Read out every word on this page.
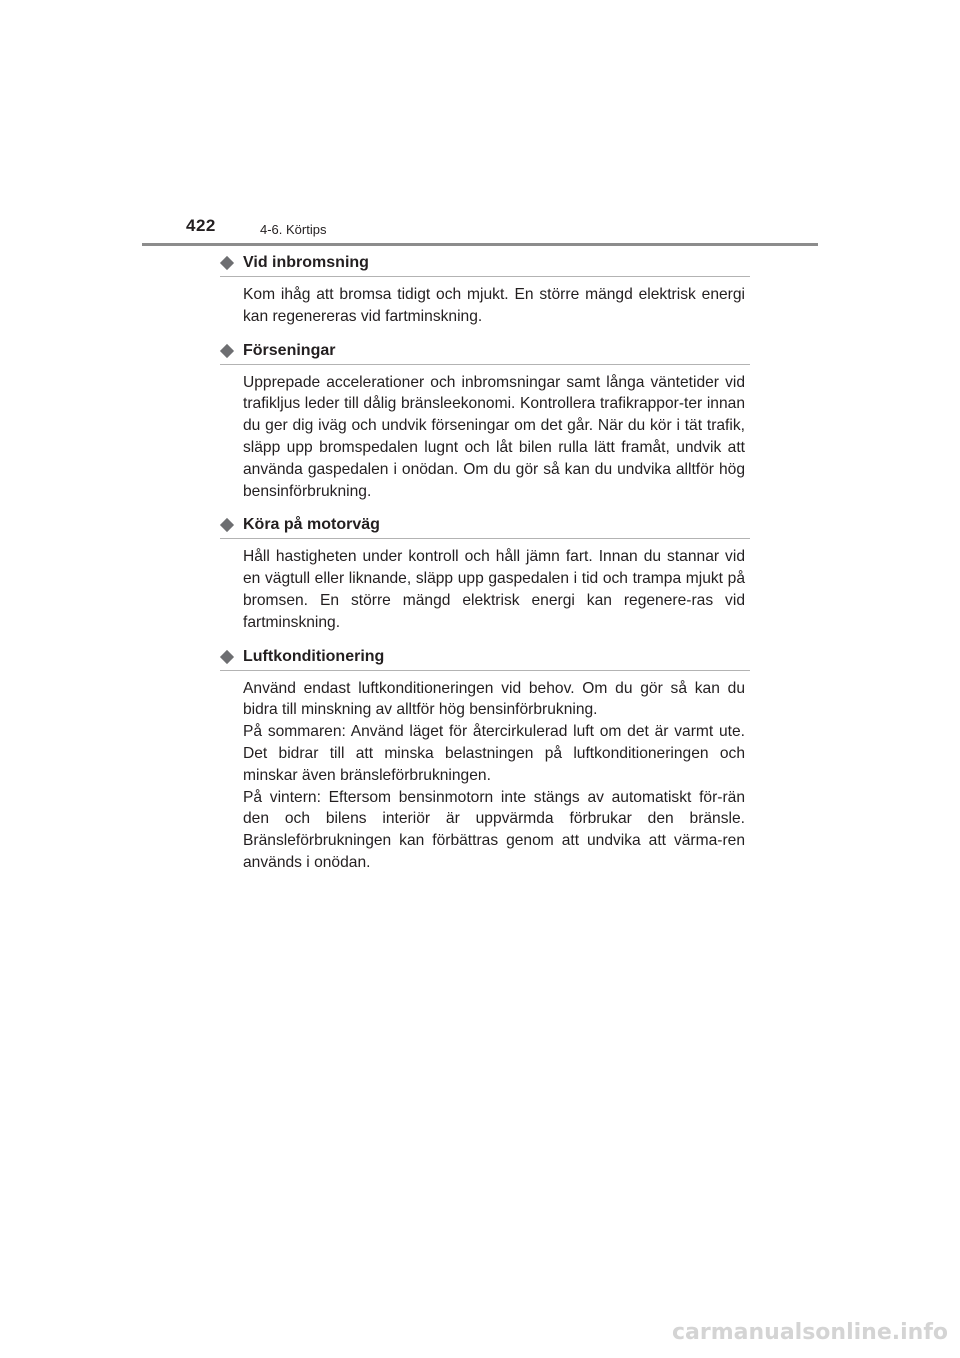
422	4-6. Körtips
Vid inbromsning

Kom ihåg att bromsa tidigt och mjukt. En större mängd elektrisk energi kan regenereras vid fartminskning.

Förseningar

Upprepade accelerationer och inbromsningar samt långa väntetider vid trafikljus leder till dålig bränsleekonomi. Kontrollera trafikrappor-ter innan du ger dig iväg och undvik förseningar om det går. När du kör i tät trafik, släpp upp bromspedalen lugnt och låt bilen rulla lätt framåt, undvik att använda gaspedalen i onödan. Om du gör så kan du undvika alltför hög bensinförbrukning.

Köra på motorväg

Håll hastigheten under kontroll och håll jämn fart. Innan du stannar vid en vägtull eller liknande, släpp upp gaspedalen i tid och trampa mjukt på bromsen. En större mängd elektrisk energi kan regenere-ras vid fartminskning.

Luftkonditionering

Använd endast luftkonditioneringen vid behov. Om du gör så kan du bidra till minskning av alltför hög bensinförbrukning.

På sommaren: Använd läget för återcirkulerad luft om det är varmt ute. Det bidrar till att minska belastningen på luftkonditioneringen och minskar även bränsleförbrukningen.

På vintern: Eftersom bensinmotorn inte stängs av automatiskt för-rän den och bilens interiör är uppvärmda förbrukar den bränsle. Bränsleförbrukningen kan förbättras genom att undvika att värma-ren används i onödan.

carmanualsonline.info
